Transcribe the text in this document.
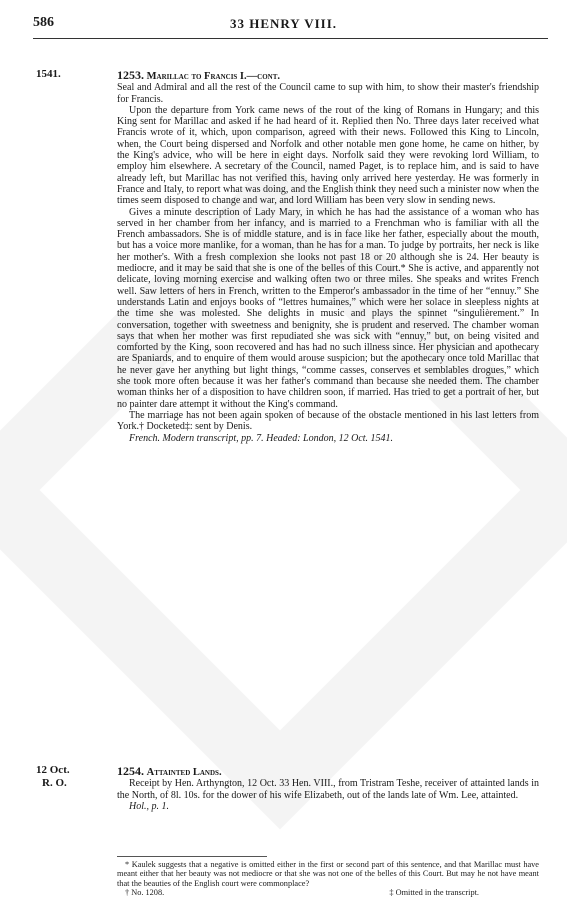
586	33 HENRY VIII.
1541.	1253. Marillac to Francis I.—cont.

Seal and Admiral and all the rest of the Council came to sup with him, to show their master's friendship for Francis.

Upon the departure from York came news of the rout of the king of Romans in Hungary; and this King sent for Marillac and asked if he had heard of it. Replied then No. Three days later received what Francis wrote of it, which, upon comparison, agreed with their news. Followed this King to Lincoln, when, the Court being dispersed and Norfolk and other notable men gone home, he came on hither, by the King's advice, who will be here in eight days. Norfolk said they were revoking lord William, to employ him elsewhere. A secretary of the Council, named Paget, is to replace him, and is said to have already left, but Marillac has not verified this, having only arrived here yesterday. He was formerly in France and Italy, to report what was doing, and the English think they need such a minister now when the times seem disposed to change and war, and lord William has been very slow in sending news.

Gives a minute description of Lady Mary, in which he has had the assistance of a woman who has served in her chamber from her infancy, and is married to a Frenchman who is familiar with all the French ambassadors. She is of middle stature, and is in face like her father, especially about the mouth, but has a voice more manlike, for a woman, than he has for a man. To judge by portraits, her neck is like her mother's. With a fresh complexion she looks not past 18 or 20 although she is 24. Her beauty is mediocre, and it may be said that she is one of the belles of this Court.* She is active, and apparently not delicate, loving morning exercise and walking often two or three miles. She speaks and writes French well. Saw letters of hers in French, written to the Emperor's ambassador in the time of her “ennuy.” She understands Latin and enjoys books of “lettres humaines,” which were her solace in sleepless nights at the time she was molested. She delights in music and plays the spinnet “singulièrement.” In conversation, together with sweetness and benignity, she is prudent and reserved. The chamber woman says that when her mother was first repudiated she was sick with “ennuy,” but, on being visited and comforted by the King, soon recovered and has had no such illness since. Her physician and apothecary are Spaniards, and to enquire of them would arouse suspicion; but the apothecary once told Marillac that he never gave her anything but light things, “comme casses, conserves et semblables drogues,” which she took more often because it was her father's command than because she needed them. The chamber woman thinks her of a disposition to have children soon, if married. Has tried to get a portrait of her, but no painter dare attempt it without the King's command.

The marriage has not been again spoken of because of the obstacle mentioned in his last letters from York.† Docketed‡: sent by Denis.

French. Modern transcript, pp. 7. Headed: London, 12 Oct. 1541.

12 Oct.
R. O.

1254. Attainted Lands.

Receipt by Hen. Arthyngton, 12 Oct. 33 Hen. VIII., from Tristram Teshe, receiver of attainted lands in the North, of 8l. 10s. for the dower of his wife Elizabeth, out of the lands late of Wm. Lee, attainted.

Hol., p. 1.

* Kaulek suggests that a negative is omitted either in the first or second part of this sentence, and that Marillac must have meant either that her beauty was not mediocre or that she was not one of the belles of this Court. But may he not have meant that the beauties of the English court were commonplace?

† No. 1208.	‡ Omitted in the transcript.
